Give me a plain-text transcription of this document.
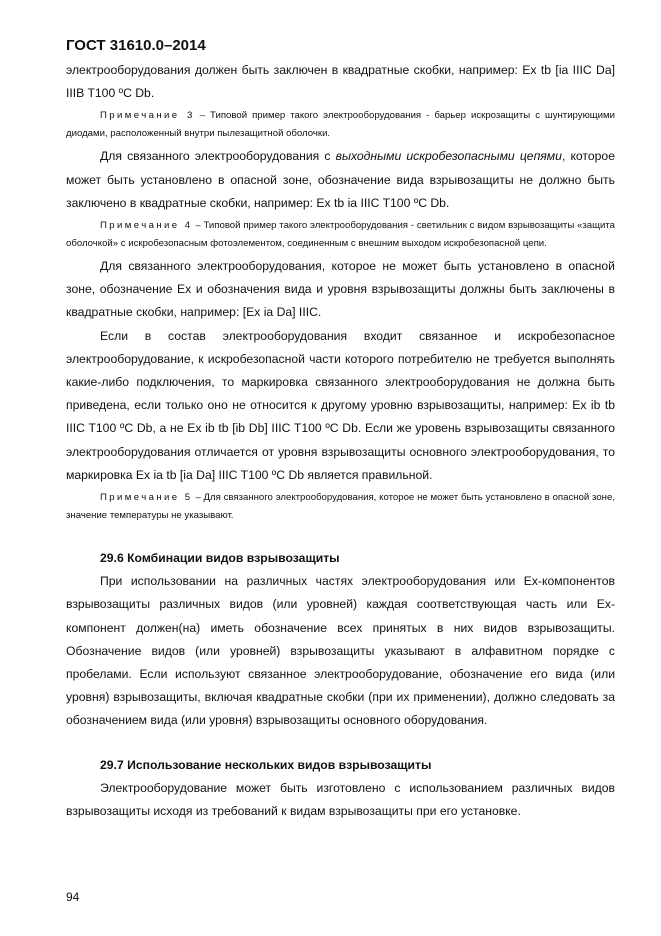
ГОСТ 31610.0–2014

электрооборудования должен быть заключен в квадратные скобки, например: Ex tb [ia IIIC Da] IIIB T100 ºC Db.

Примечание 3 – Типовой пример такого электрооборудования - барьер искрозащиты с шунтирующими диодами, расположенный внутри пылезащитной оболочки.

Для связанного электрооборудования с выходными искробезопасными цепями, которое может быть установлено в опасной зоне, обозначение вида взрывозащиты не должно быть заключено в квадратные скобки, например: Ex tb ia IIIC T100 ºC Db.

Примечание 4 – Типовой пример такого электрооборудования - светильник с видом взрывозащиты «защита оболочкой» с искробезопасным фотоэлементом, соединенным с внешним выходом искробезопасной цепи.

Для связанного электрооборудования, которое не может быть установлено в опасной зоне, обозначение Ex и обозначения вида и уровня взрывозащиты должны быть заключены в квадратные скобки, например: [Ex ia Da] IIIC.

Если в состав электрооборудования входит связанное и искробезопасное электрооборудование, к искробезопасной части которого потребителю не требуется выполнять какие-либо подключения, то маркировка связанного электрооборудования не должна быть приведена, если только оно не относится к другому уровню взрывозащиты, например: Ex ib tb IIIC T100 ºC Db, а не Ex ib tb [ib Db] IIIC T100 ºC Db. Если же уровень взрывозащиты связанного электрооборудования отличается от уровня взрывозащиты основного электрооборудования, то маркировка Ex ia tb [ia Da] IIIC T100 ºC Db является правильной.

Примечание 5 – Для связанного электрооборудования, которое не может быть установлено в опасной зоне, значение температуры не указывают.
29.6 Комбинации видов взрывозащиты

При использовании на различных частях электрооборудования или Ex-компонентов взрывозащиты различных видов (или уровней) каждая соответствующая часть или Ex-компонент должен(на) иметь обозначение всех принятых в них видов взрывозащиты. Обозначение видов (или уровней) взрывозащиты указывают в алфавитном порядке с пробелами. Если используют связанное электрооборудование, обозначение его вида (или уровня) взрывозащиты, включая квадратные скобки (при их применении), должно следовать за обозначением вида (или уровня) взрывозащиты основного оборудования.

29.7 Использование нескольких видов взрывозащиты

Электрооборудование может быть изготовлено с использованием различных видов взрывозащиты исходя из требований к видам взрывозащиты при его установке.

94
